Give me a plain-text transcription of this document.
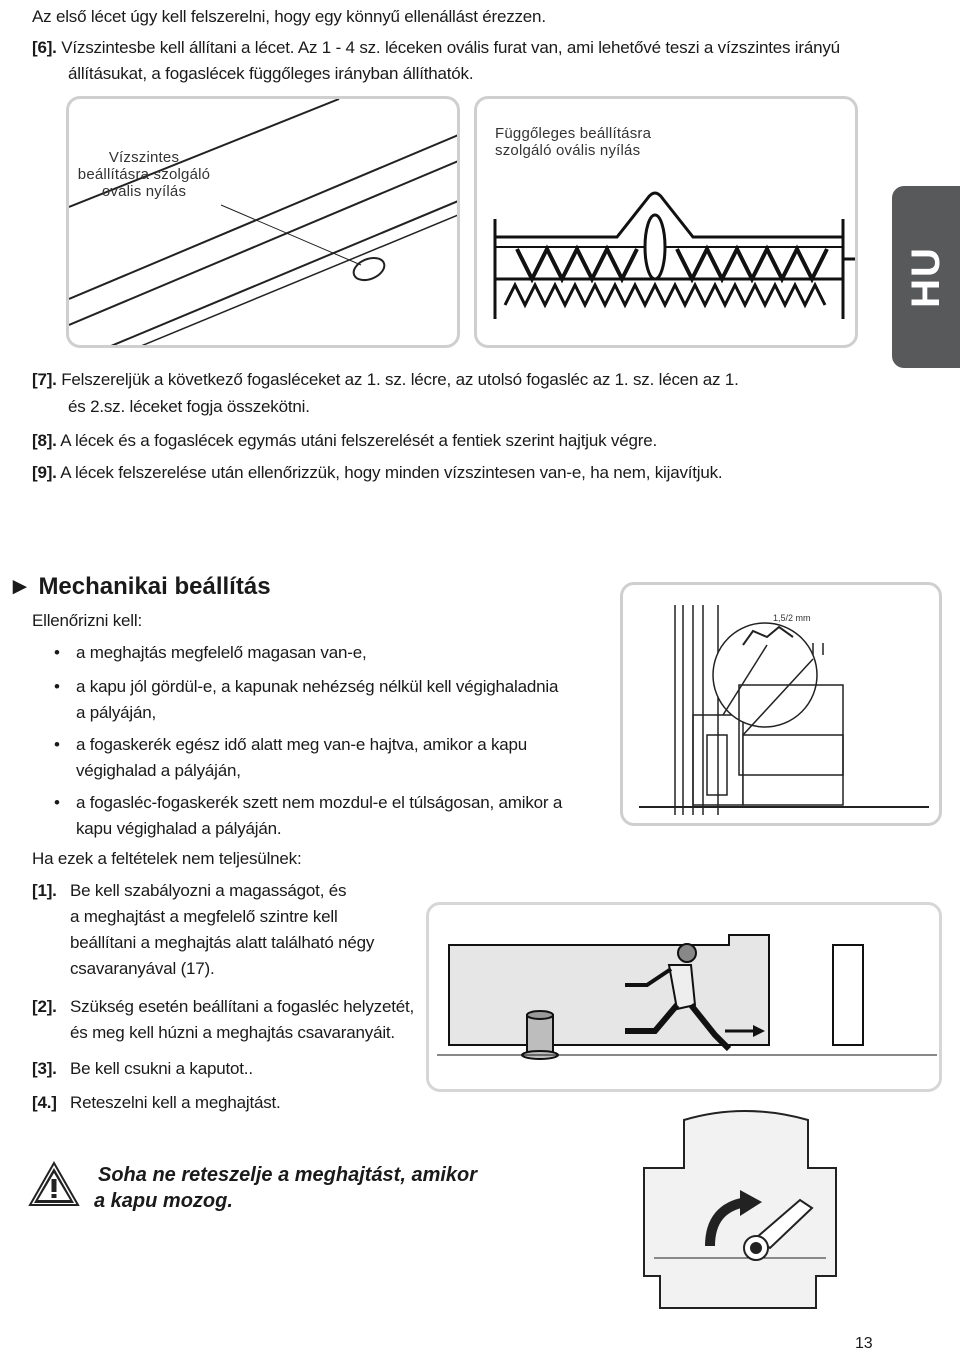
Az első lécet úgy kell felszerelni, hogy egy könnyű ellenállást érezzen.
[6]. Vízszintesbe kell állítani a lécet. Az 1 - 4 sz. léceken ovális furat van, ami lehetővé teszi a vízszintes irányú
állításukat, a fogaslécek függőleges irányban állíthatók.
Vízszintes
beállításra szolgáló
ovális nyílás
Függőleges beállításra
szolgáló ovális nyílás
HU
[7]. Felszereljük a következő fogasléceket az 1. sz. lécre, az utolsó fogasléc az 1. sz. lécen az 1.
és 2.sz. léceket fogja összekötni.
[8]. A lécek és a fogaslécek egymás utáni felszerelését a fentiek szerint hajtjuk végre.
[9]. A lécek felszerelése után ellenőrizzük, hogy minden vízszintesen van-e, ha nem, kijavítjuk.
► Mechanikai beállítás
Ellenőrizni kell:
• a meghajtás megfelelő magasan van-e,
• a kapu jól gördül-e, a kapunak nehézség nélkül kell végighaladnia
a pályáján,
• a fogaskerék egész idő alatt meg van-e hajtva, amikor a kapu
végighalad a pályáján,
• a fogasléc-fogaskerék szett nem mozdul-e el túlságosan, amikor a
kapu végighalad a pályáján.
Ha ezek a feltételek nem teljesülnek:
[1]. Be kell szabályozni a magasságot, és
a meghajtást a megfelelő szintre kell
beállítani a meghajtás alatt található négy
csavaranyával (17).
[2]. Szükség esetén beállítani a fogasléc helyzetét,
és meg kell húzni a meghajtás csavaranyáit.
[3]. Be kell csukni a kaputot..
[4.] Reteszelni kell a meghajtást.
1,5/2 mm
Soha ne reteszelje a meghajtást, amikor
a kapu mozog.
13
